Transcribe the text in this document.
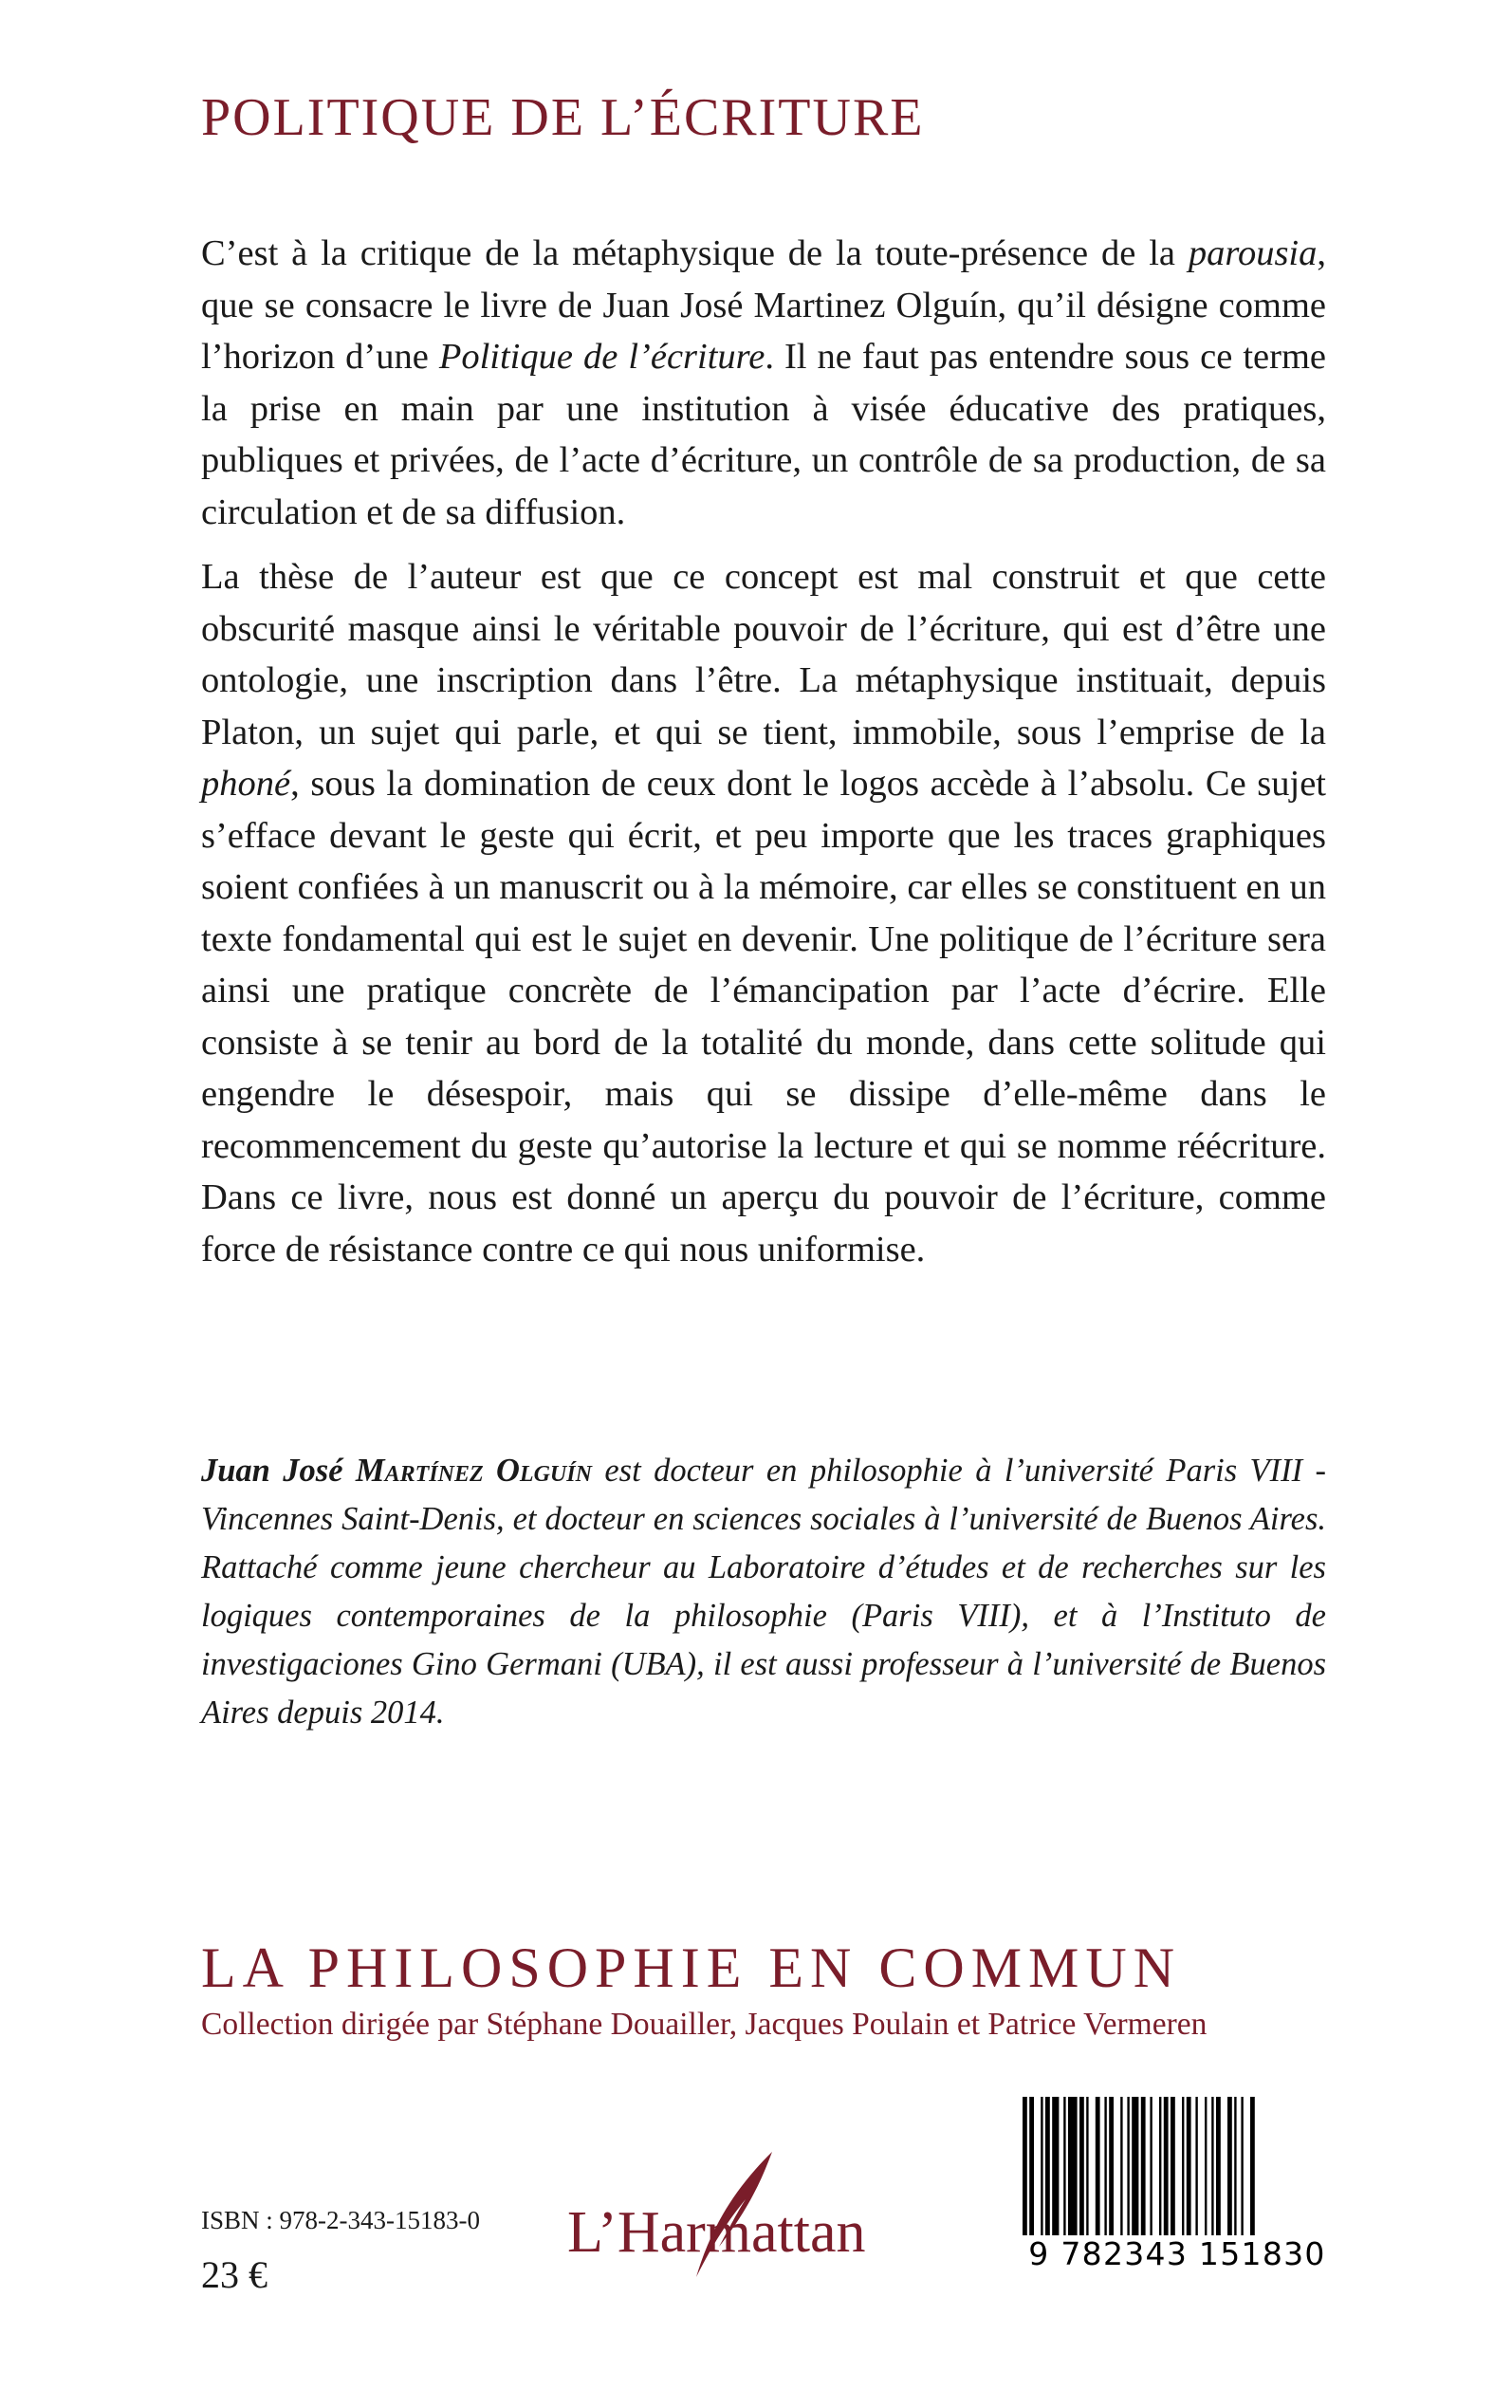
POLITIQUE DE L’ÉCRITURE

C’est à la critique de la métaphysique de la toute-présence de la parousia, que se consacre le livre de Juan José Martinez Olguín, qu’il désigne comme l’horizon d’une Politique de l’écriture. Il ne faut pas entendre sous ce terme la prise en main par une institution à visée éducative des pratiques, publiques et privées, de l’acte d’écriture, un contrôle de sa production, de sa circulation et de sa diffusion.

La thèse de l’auteur est que ce concept est mal construit et que cette obscurité masque ainsi le véritable pouvoir de l’écriture, qui est d’être une ontologie, une inscription dans l’être. La métaphysique instituait, depuis Platon, un sujet qui parle, et qui se tient, immobile, sous l’emprise de la phoné, sous la domination de ceux dont le logos accède à l’absolu. Ce sujet s’efface devant le geste qui écrit, et peu importe que les traces graphiques soient confiées à un manuscrit ou à la mémoire, car elles se constituent en un texte fondamental qui est le sujet en devenir. Une politique de l’écriture sera ainsi une pratique concrète de l’émancipation par l’acte d’écrire. Elle consiste à se tenir au bord de la totalité du monde, dans cette solitude qui engendre le désespoir, mais qui se dissipe d’elle-même dans le recommencement du geste qu’autorise la lecture et qui se nomme réécriture. Dans ce livre, nous est donné un aperçu du pouvoir de l’écriture, comme force de résistance contre ce qui nous uniformise.

Juan José Martínez Olguín est docteur en philosophie à l’université Paris VIII - Vincennes Saint-Denis, et docteur en sciences sociales à l’université de Buenos Aires. Rattaché comme jeune chercheur au Laboratoire d’études et de recherches sur les logiques contemporaines de la philosophie (Paris VIII), et à l’Instituto de investigaciones Gino Germani (UBA), il est aussi professeur à l’université de Buenos Aires depuis 2014.
LA PHILOSOPHIE EN COMMUN
Collection dirigée par Stéphane Douailler, Jacques Poulain et Patrice Vermeren
ISBN : 978-2-343-15183-0
23 €
L’Harmattan	9 782343 151830
